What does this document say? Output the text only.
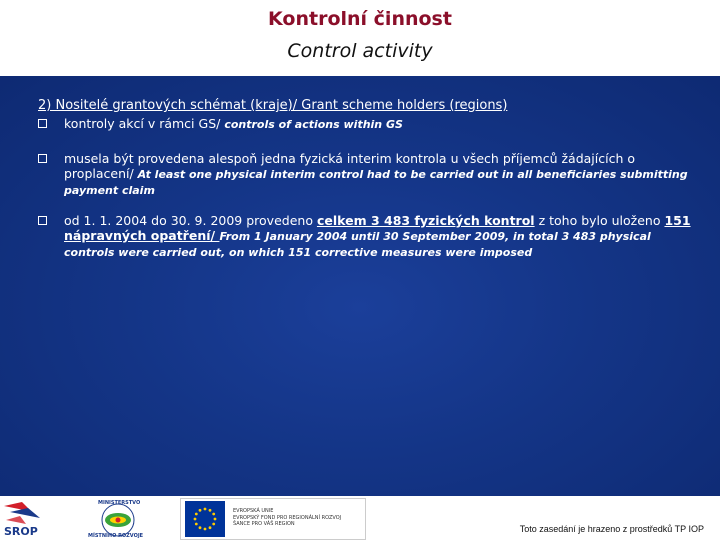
Kontrolní činnost
Control activity
2) Nositelé grantových schémat (kraje)/ Grant scheme holders (regions)
kontroly akcí v rámci GS/ controls of actions within GS
musela být provedena alespoň jedna fyzická interim kontrola u všech příjemců žádajících o proplacení/ At least one physical interim control had to be carried out in all beneficiaries submitting payment claim
od 1. 1. 2004 do 30. 9. 2009 provedeno celkem 3 483 fyzických kontrol z toho bylo uloženo 151 nápravných opatření/ From 1 January 2004 until 30 September 2009, in total 3 483 physical controls were carried out, on which 151 corrective measures were imposed
SROP
MINISTERSTVO
MÍSTNÍHO ROZVOJE
EVROPSKÁ UNIE
EVROPSKÝ FOND PRO REGIONÁLNÍ ROZVOJ
ŠANCE PRO VÁŠ REGION	Toto zasedání je hrazeno z prostředků TP IOP
